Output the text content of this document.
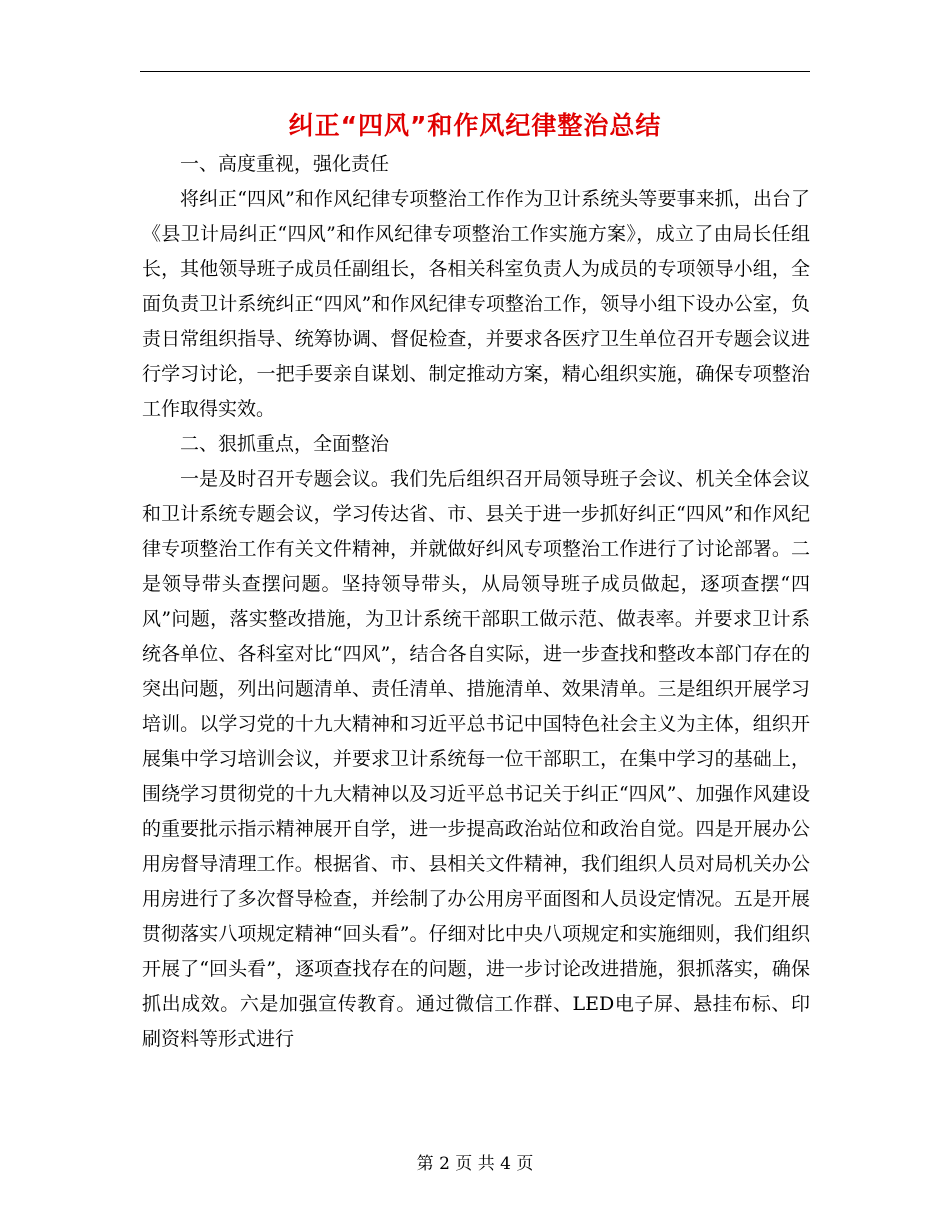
纠正“四风”和作风纪律整治总结

一、高度重视，强化责任

将纠正“四风”和作风纪律专项整治工作作为卫计系统头等要事来抓，出台了《县卫计局纠正“四风”和作风纪律专项整治工作实施方案》，成立了由局长任组长，其他领导班子成员任副组长，各相关科室负责人为成员的专项领导小组，全面负责卫计系统纠正“四风”和作风纪律专项整治工作，领导小组下设办公室，负责日常组织指导、统筹协调、督促检查，并要求各医疗卫生单位召开专题会议进行学习讨论，一把手要亲自谋划、制定推动方案，精心组织实施，确保专项整治工作取得实效。

二、狠抓重点，全面整治

一是及时召开专题会议。我们先后组织召开局领导班子会议、机关全体会议和卫计系统专题会议，学习传达省、市、县关于进一步抓好纠正“四风”和作风纪律专项整治工作有关文件精神，并就做好纠风专项整治工作进行了讨论部署。二是领导带头查摆问题。坚持领导带头，从局领导班子成员做起，逐项查摆“四风”问题，落实整改措施，为卫计系统干部职工做示范、做表率。并要求卫计系统各单位、各科室对比“四风”，结合各自实际，进一步查找和整改本部门存在的突出问题，列出问题清单、责任清单、措施清单、效果清单。三是组织开展学习培训。以学习党的十九大精神和习近平总书记中国特色社会主义为主体，组织开展集中学习培训会议，并要求卫计系统每一位干部职工，在集中学习的基础上，围绕学习贯彻党的十九大精神以及习近平总书记关于纠正“四风”、加强作风建设的重要批示指示精神展开自学，进一步提高政治站位和政治自觉。四是开展办公用房督导清理工作。根据省、市、县相关文件精神，我们组织人员对局机关办公用房进行了多次督导检查，并绘制了办公用房平面图和人员设定情况。五是开展贯彻落实八项规定精神“回头看”。仔细对比中央八项规定和实施细则，我们组织开展了“回头看”，逐项查找存在的问题，进一步讨论改进措施，狠抓落实，确保抓出成效。六是加强宣传教育。通过微信工作群、LED电子屏、悬挂布标、印刷资料等形式进行

第 2 页 共 4 页
